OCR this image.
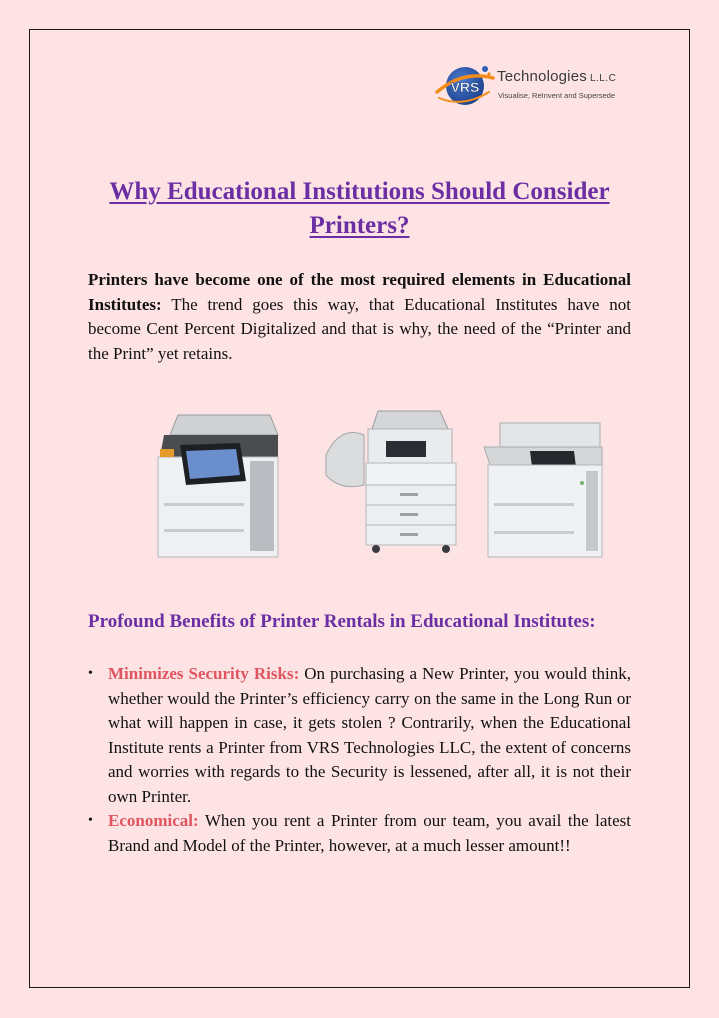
VRS
Technologies L.L.C
Visualise, ReInvent and Supersede
Why Educational Institutions Should Consider Printers?

Printers have become one of the most required elements in Educational Institutes: The trend goes this way, that Educational Institutes have not become Cent Percent Digitalized and that is why, the need of the “Printer and the Print” yet retains.

Profound Benefits of Printer Rentals in Educational Institutes:
• Minimizes Security Risks: On purchasing a New Printer, you would think, whether would the Printer’s efficiency carry on the same in the Long Run or what will happen in case, it gets stolen ? Contrarily, when the Educational Institute rents a Printer from VRS Technologies LLC, the extent of concerns and worries with regards to the Security is lessened, after all, it is not their own Printer.
• Economical: When you rent a Printer from our team, you avail the latest Brand and Model of the Printer, however, at a much lesser amount!!
